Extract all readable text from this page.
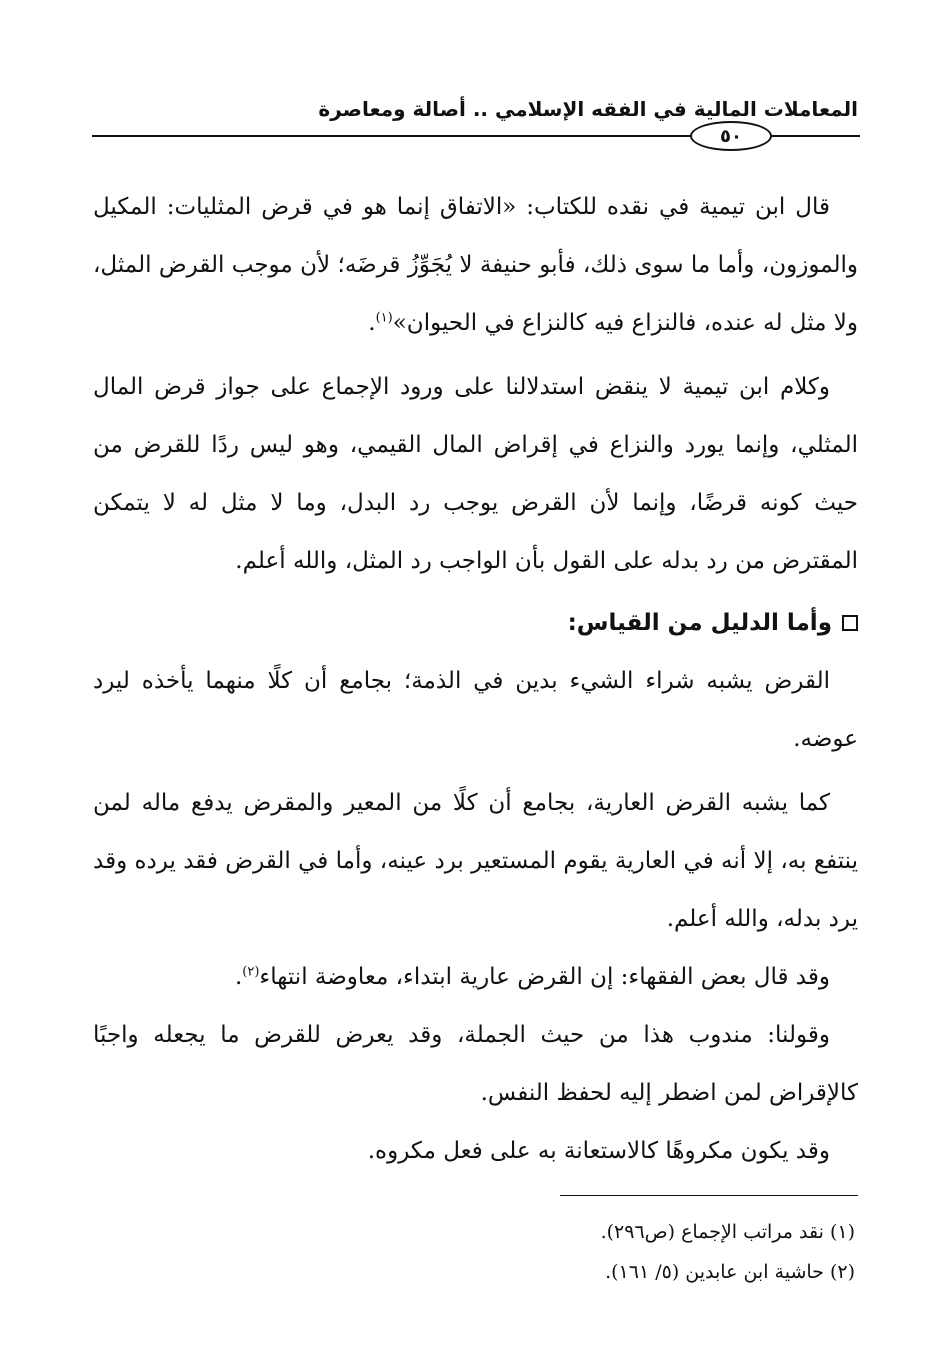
المعاملات المالية في الفقه الإسلامي .. أصالة ومعاصرة
٥٠

قال ابن تيمية في نقده للكتاب: «الاتفاق إنما هو في قرض المثليات: المكيل والموزون، وأما ما سوى ذلك، فأبو حنيفة لا يُجَوِّزُ قرضَه؛ لأن موجب القرض المثل، ولا مثل له عنده، فالنزاع فيه كالنزاع في الحيوان»$^{(١)}$.

وكلام ابن تيمية لا ينقض استدلالنا على ورود الإجماع على جواز قرض المال المثلي، وإنما يورد والنزاع في إقراض المال القيمي، وهو ليس ردًا للقرض من حيث كونه قرضًا، وإنما لأن القرض يوجب رد البدل، وما لا مثل له لا يتمكن المقترض من رد بدله على القول بأن الواجب رد المثل، والله أعلم.

وأما الدليل من القياس:

القرض يشبه شراء الشيء بدين في الذمة؛ بجامع أن كلًا منهما يأخذه ليرد عوضه.

كما يشبه القرض العارية، بجامع أن كلًا من المعير والمقرض يدفع ماله لمن ينتفع به، إلا أنه في العارية يقوم المستعير برد عينه، وأما في القرض فقد يرده وقد يرد بدله، والله أعلم.

وقد قال بعض الفقهاء: إن القرض عارية ابتداء، معاوضة انتهاء$^{(٢)}$.

وقولنا: مندوب هذا من حيث الجملة، وقد يعرض للقرض ما يجعله واجبًا كالإقراض لمن اضطر إليه لحفظ النفس.

وقد يكون مكروهًا كالاستعانة به على فعل مكروه.

(١) نقد مراتب الإجماع (ص٢٩٦).
(٢) حاشية ابن عابدين (٥/ ١٦١).
